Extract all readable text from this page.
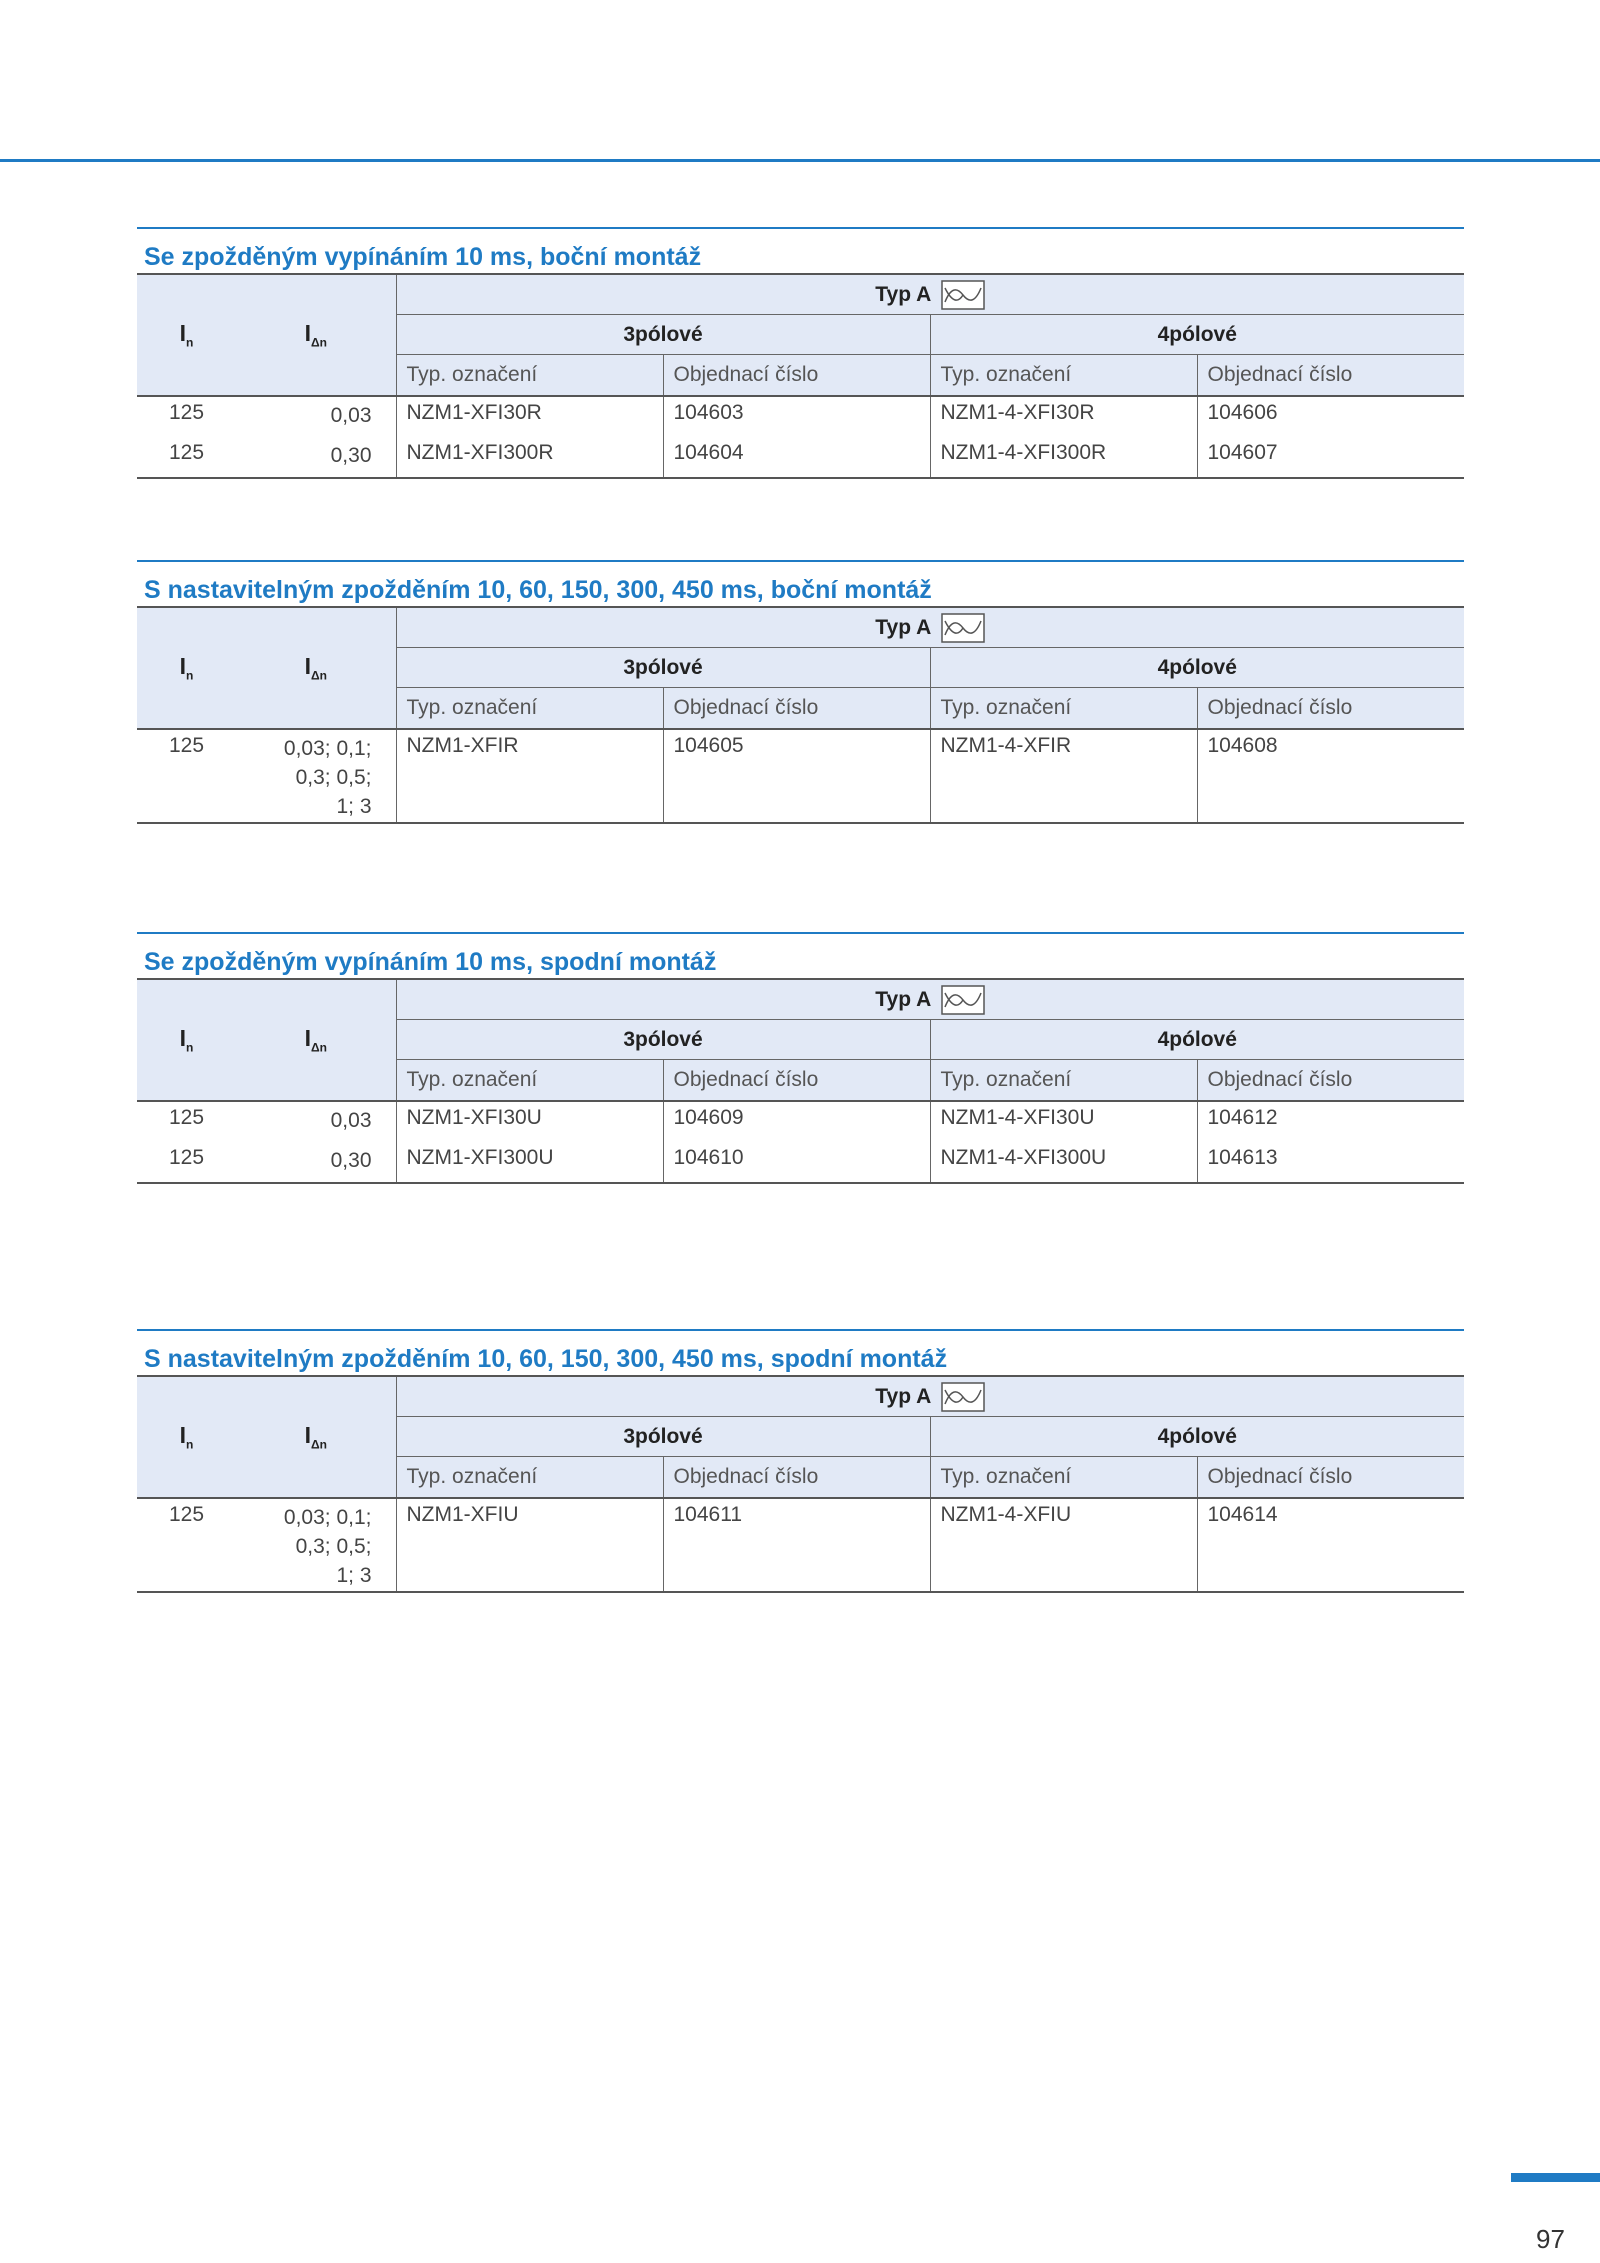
Se zpožděným vypínáním 10 ms, boční montáž
$I_n$	$I_{\Delta n}$	Typ A			

		3pólové		4pólové	
		Typ. označení	Objednací číslo	Typ. označení	Objednací číslo
125	0,03	NZM1-XFI30R	104603	NZM1-4-XFI30R	104606
125	0,30	NZM1-XFI300R	104604	NZM1-4-XFI300R	104607
S nastavitelným zpožděním 10, 60, 150, 300, 450 ms, boční montáž
$I_n$	$I_{\Delta n}$	Typ A			

		3pólové		4pólové	
		Typ. označení	Objednací číslo	Typ. označení	Objednací číslo
125	0,03; 0,1;
0,3; 0,5;
1; 3	NZM1-XFIR	104605	NZM1-4-XFIR	104608
Se zpožděným vypínáním 10 ms, spodní montáž
$I_n$	$I_{\Delta n}$	Typ A			

		3pólové		4pólové	
		Typ. označení	Objednací číslo	Typ. označení	Objednací číslo
125	0,03	NZM1-XFI30U	104609	NZM1-4-XFI30U	104612
125	0,30	NZM1-XFI300U	104610	NZM1-4-XFI300U	104613
S nastavitelným zpožděním 10, 60, 150, 300, 450 ms, spodní montáž
$I_n$	$I_{\Delta n}$	Typ A			

		3pólové		4pólové	
		Typ. označení	Objednací číslo	Typ. označení	Objednací číslo
125	0,03; 0,1;
0,3; 0,5;
1; 3	NZM1-XFIU	104611	NZM1-4-XFIU	104614
97
